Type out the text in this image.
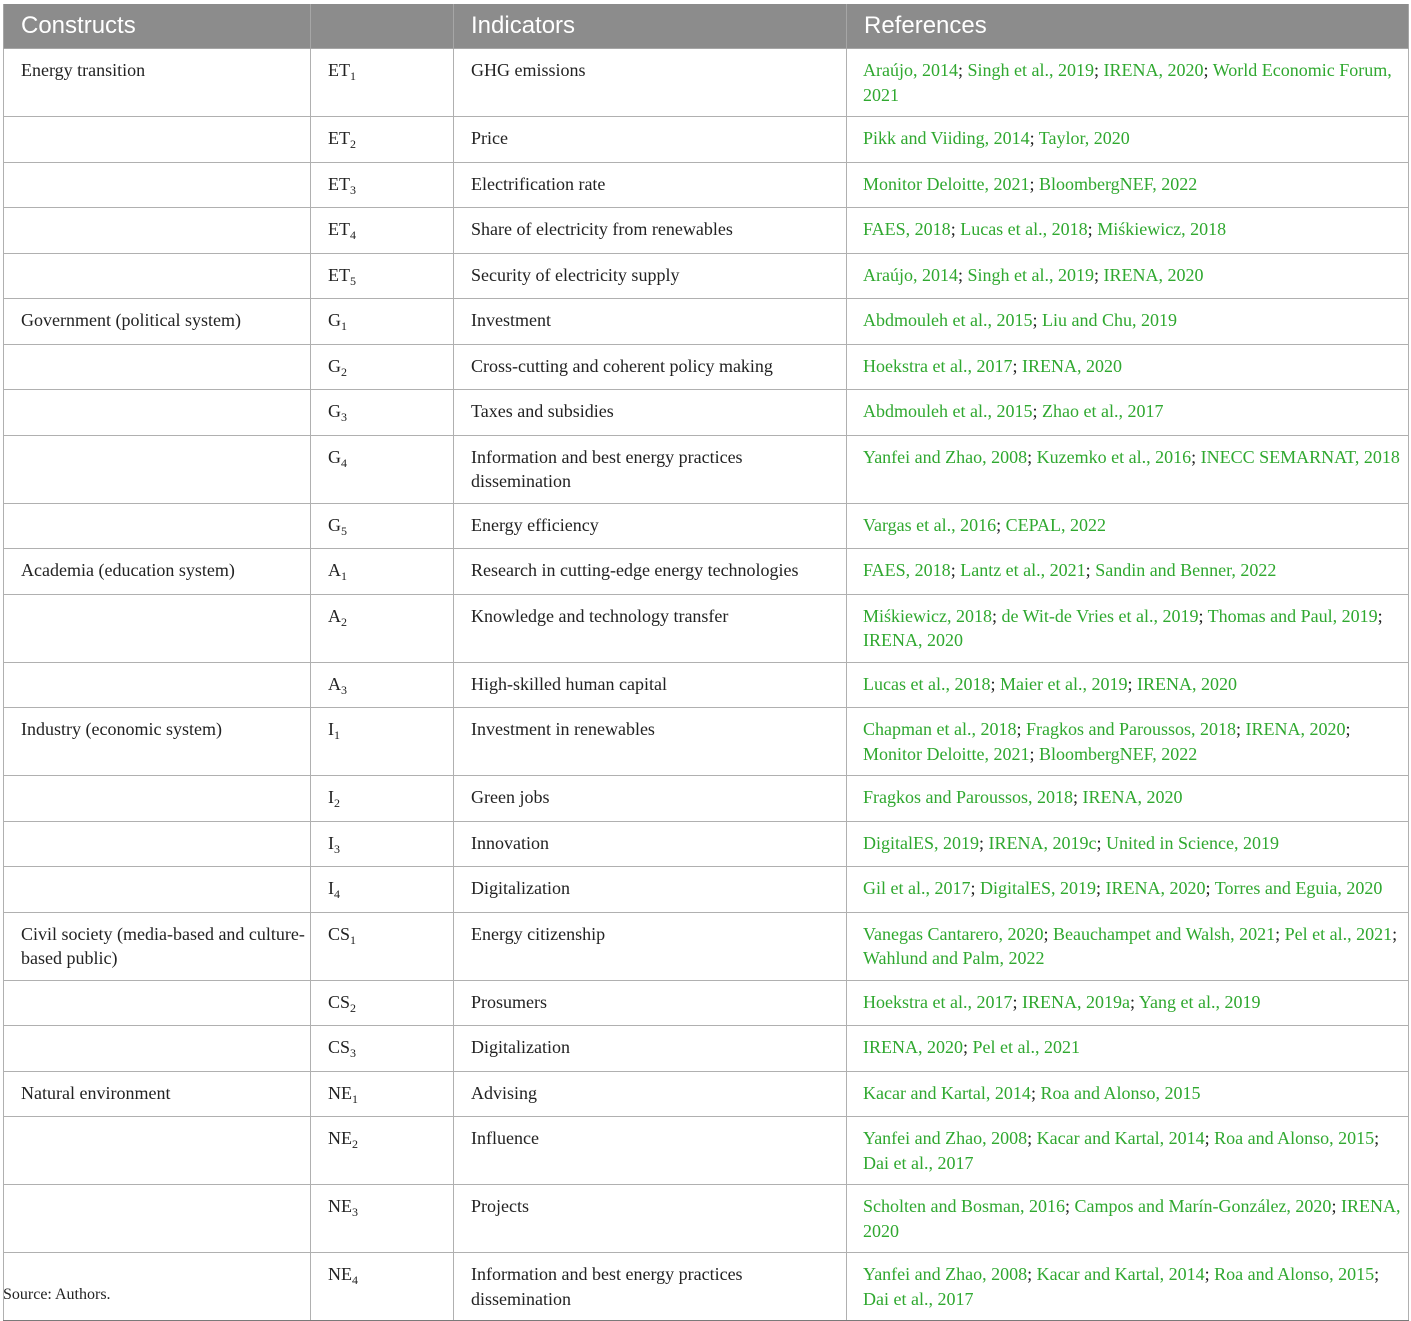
Constructs		Indicators	References
Energy transition	$ET_1$	GHG emissions	Araújo, 2014; Singh et al., 2019; IRENA, 2020; World Economic Forum, 2021
	$ET_2$	Price	Pikk and Viiding, 2014; Taylor, 2020
	$ET_3$	Electrification rate	Monitor Deloitte, 2021; BloombergNEF, 2022
	$ET_4$	Share of electricity from renewables	FAES, 2018; Lucas et al., 2018; Miśkiewicz, 2018
	$ET_5$	Security of electricity supply	Araújo, 2014; Singh et al., 2019; IRENA, 2020
Government (political system)	$G_1$	Investment	Abdmouleh et al., 2015; Liu and Chu, 2019
	$G_2$	Cross-cutting and coherent policy making	Hoekstra et al., 2017; IRENA, 2020
	$G_3$	Taxes and subsidies	Abdmouleh et al., 2015; Zhao et al., 2017
	$G_4$	Information and best energy practices dissemination	Yanfei and Zhao, 2008; Kuzemko et al., 2016; INECC SEMARNAT, 2018
	$G_5$	Energy efficiency	Vargas et al., 2016; CEPAL, 2022
Academia (education system)	$A_1$	Research in cutting-edge energy technologies	FAES, 2018; Lantz et al., 2021; Sandin and Benner, 2022
	$A_2$	Knowledge and technology transfer	Miśkiewicz, 2018; de Wit-de Vries et al., 2019; Thomas and Paul, 2019; IRENA, 2020
	$A_3$	High-skilled human capital	Lucas et al., 2018; Maier et al., 2019; IRENA, 2020
Industry (economic system)	$I_1$	Investment in renewables	Chapman et al., 2018; Fragkos and Paroussos, 2018; IRENA, 2020; Monitor Deloitte, 2021; BloombergNEF, 2022
	$I_2$	Green jobs	Fragkos and Paroussos, 2018; IRENA, 2020
	$I_3$	Innovation	DigitalES, 2019; IRENA, 2019c; United in Science, 2019
	$I_4$	Digitalization	Gil et al., 2017; DigitalES, 2019; IRENA, 2020; Torres and Eguia, 2020
Civil society (media-based and culture-based public)	$CS_1$	Energy citizenship	Vanegas Cantarero, 2020; Beauchampet and Walsh, 2021; Pel et al., 2021; Wahlund and Palm, 2022
	$CS_2$	Prosumers	Hoekstra et al., 2017; IRENA, 2019a; Yang et al., 2019
	$CS_3$	Digitalization	IRENA, 2020; Pel et al., 2021
Natural environment	$NE_1$	Advising	Kacar and Kartal, 2014; Roa and Alonso, 2015
	$NE_2$	Influence	Yanfei and Zhao, 2008; Kacar and Kartal, 2014; Roa and Alonso, 2015; Dai et al., 2017
	$NE_3$	Projects	Scholten and Bosman, 2016; Campos and Marín-González, 2020; IRENA, 2020
	$NE_4$	Information and best energy practices dissemination	Yanfei and Zhao, 2008; Kacar and Kartal, 2014; Roa and Alonso, 2015; Dai et al., 2017
Source: Authors.
